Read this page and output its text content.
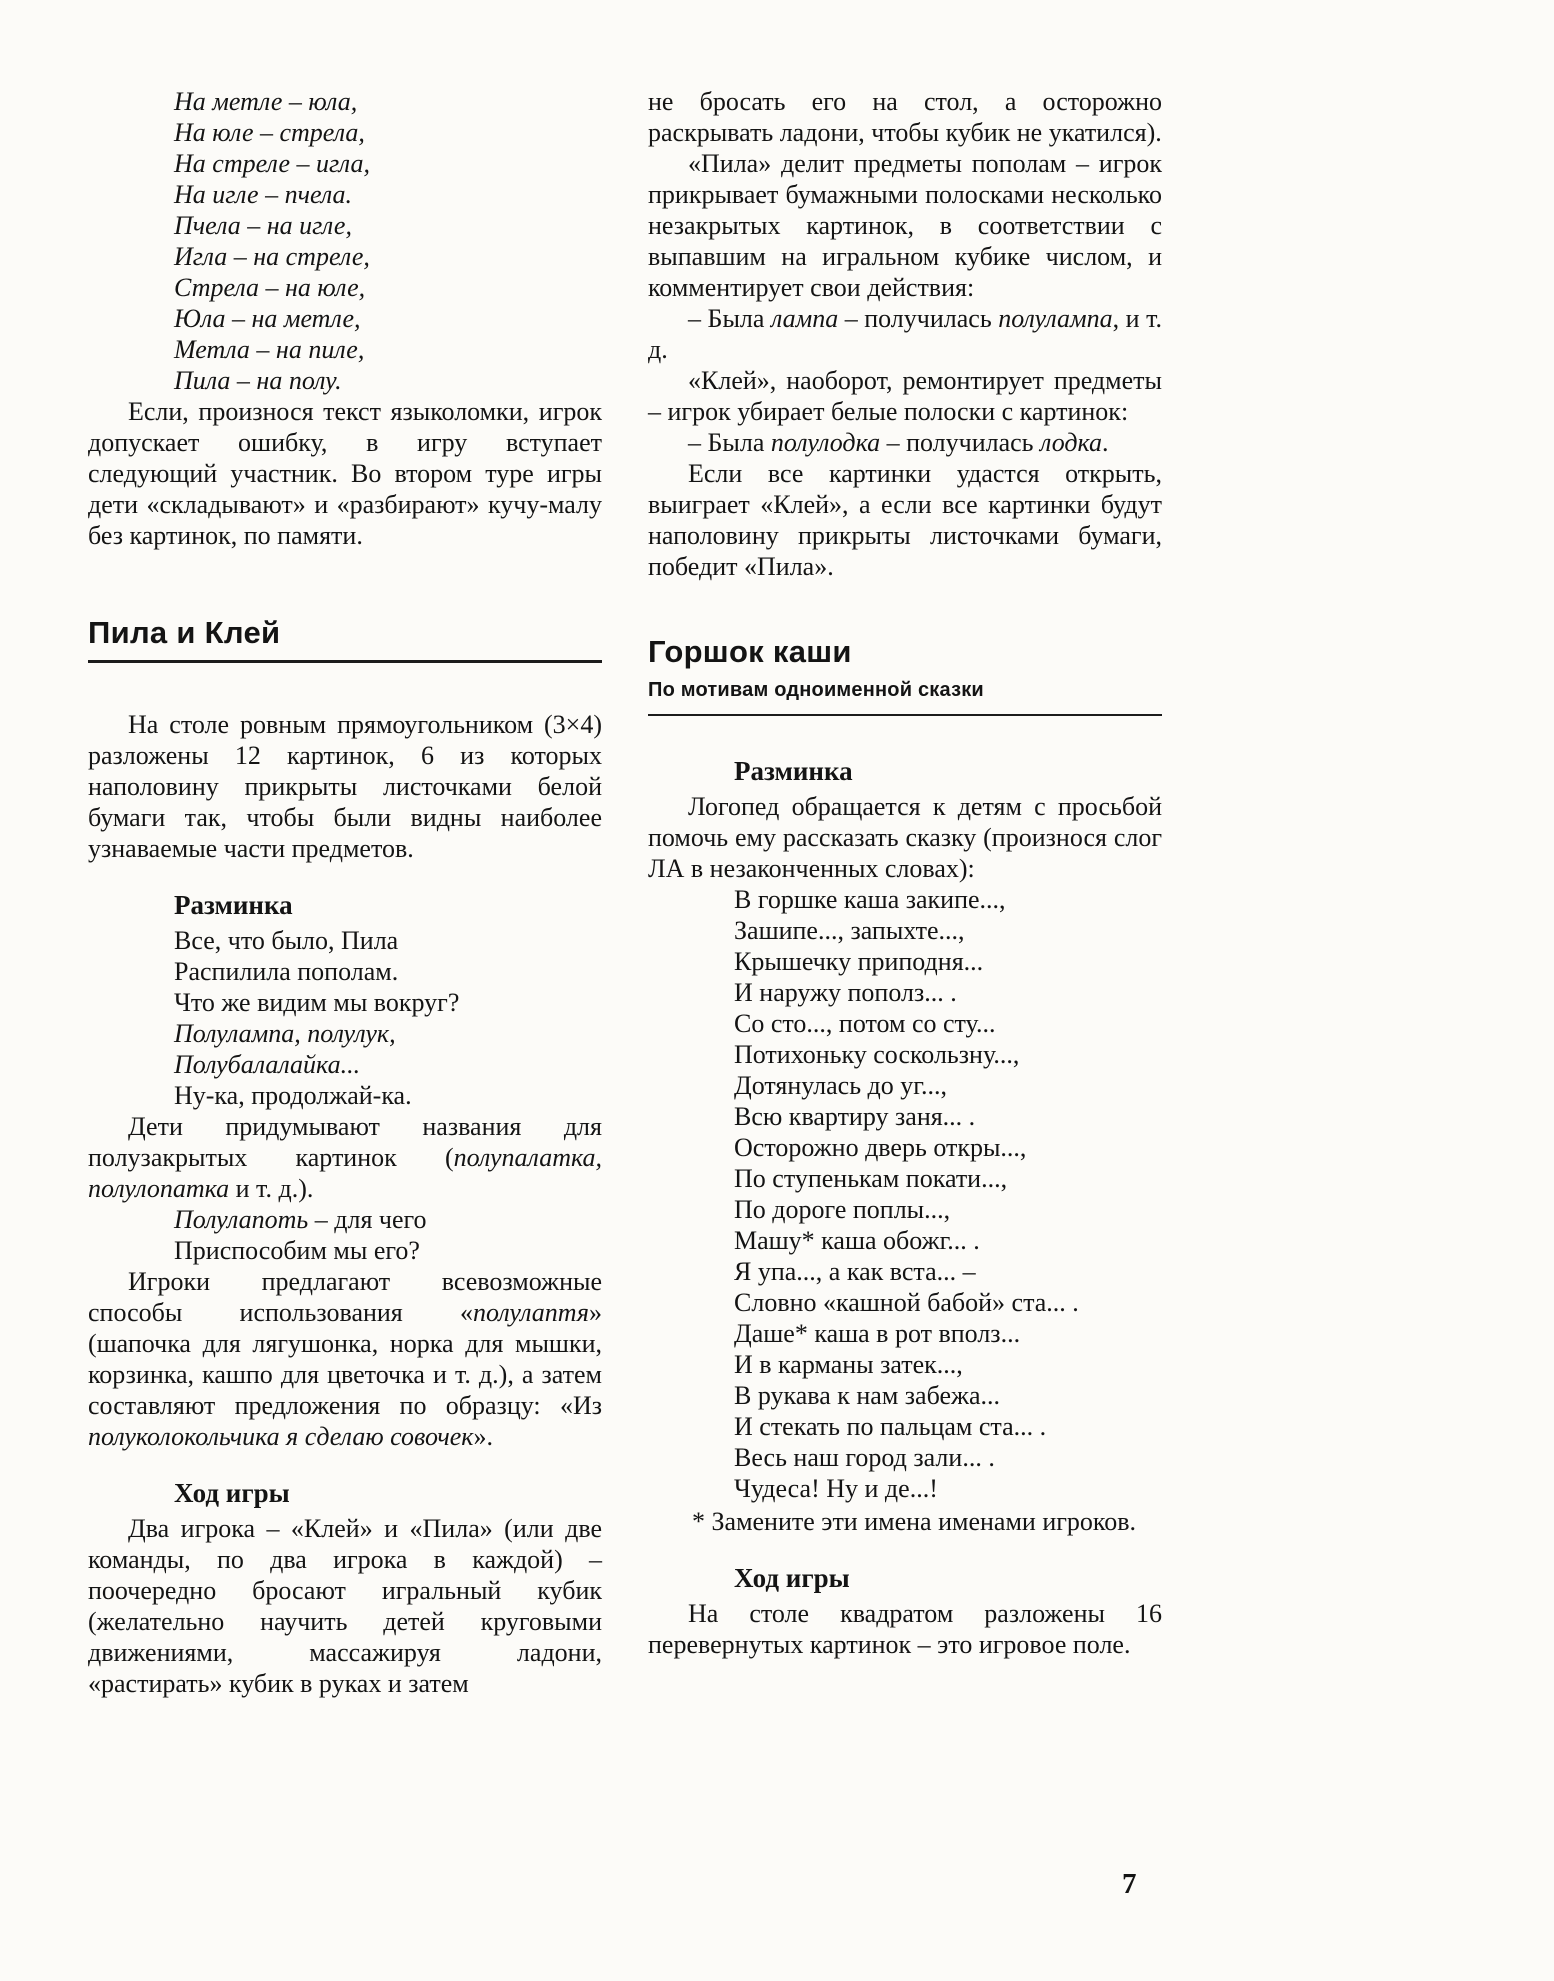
На метле – юла,
На юле – стрела,
На стреле – игла,
На игле – пчела.
Пчела – на игле,
Игла – на стреле,
Стрела – на юле,
Юла – на метле,
Метла – на пиле,
Пила – на полу.

Если, произнося текст языколомки, игрок допускает ошибку, в игру вступает следующий участник. Во втором туре игры дети «складывают» и «разбирают» кучу-малу без картинок, по памяти.

Пила и Клей

На столе ровным прямоугольником (3×4) разложены 12 картинок, 6 из которых наполовину прикрыты листочками белой бумаги так, чтобы были видны наиболее узнаваемые части предметов.

Разминка
Все, что было, Пила
Распилила пополам.
Что же видим мы вокруг?
Полулампа, полулук,
Полубалалайка...
Ну-ка, продолжай-ка.

Дети придумывают названия для полузакрытых картинок (полупалатка, полулопатка и т. д.).

Полулапоть – для чего
Приспособим мы его?

Игроки предлагают всевозможные способы использования «полулаптя» (шапочка для лягушонка, норка для мышки, корзинка, кашпо для цветочка и т. д.), а затем составляют предложения по образцу: «Из полуколокольчика я сделаю совочек».

Ход игры

Два игрока – «Клей» и «Пила» (или две команды, по два игрока в каждой) – поочередно бросают игральный кубик (желательно научить детей круговыми движениями, массажируя ладони, «растирать» кубик в руках и затем

не бросать его на стол, а осторожно раскрывать ладони, чтобы кубик не укатился).

«Пила» делит предметы пополам – игрок прикрывает бумажными полосками несколько незакрытых картинок, в соответствии с выпавшим на игральном кубике числом, и комментирует свои действия:

– Была лампа – получилась полулампа, и т. д.

«Клей», наоборот, ремонтирует предметы – игрок убирает белые полоски с картинок:

– Была полулодка – получилась лодка.

Если все картинки удастся открыть, выиграет «Клей», а если все картинки будут наполовину прикрыты листочками бумаги, победит «Пила».

Горшок каши
По мотивам одноименной сказки
Разминка

Логопед обращается к детям с просьбой помочь ему рассказать сказку (произнося слог ЛА в незаконченных словах):

В горшке каша закипе...,
Зашипе..., запыхте...,
Крышечку приподня...
И наружу пополз... .
Со сто..., потом со сту...
Потихоньку соскользну...,
Дотянулась до уг...,
Всю квартиру заня... .
Осторожно дверь откры...,
По ступенькам покати...,
По дороге поплы...,
Машу* каша обожг... .
Я упа..., а как вста... –
Словно «кашной бабой» ста... .
Даше* каша в рот вполз...
И в карманы затек...,
В рукава к нам забежа...
И стекать по пальцам ста... .
Весь наш город зали... .
Чудеса! Ну и де...!

* Замените эти имена именами игроков.

Ход игры

На столе квадратом разложены 16 перевернутых картинок – это игровое поле.

7
